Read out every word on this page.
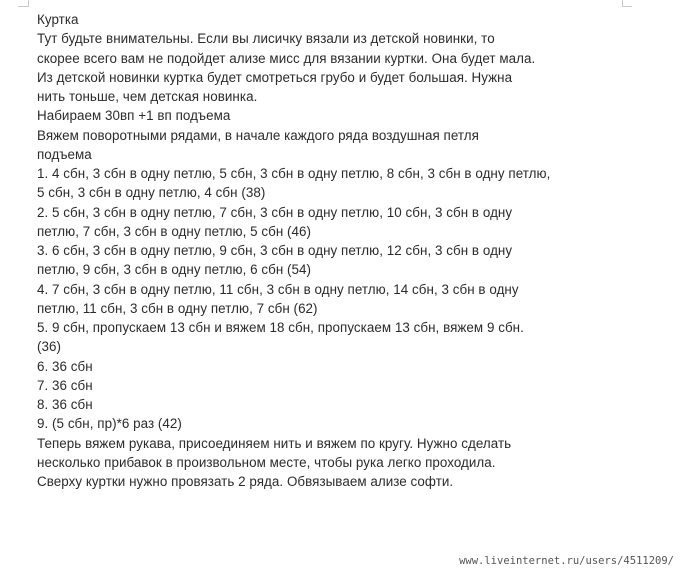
Куртка
Тут будьте внимательны. Если вы лисичку вязали из детской новинки, то
скорее всего вам не подойдет ализе мисс для вязании куртки. Она будет мала.
Из детской новинки куртка будет смотреться грубо и будет большая. Нужна
нить тоньше, чем детская новинка.
Набираем 30вп +1 вп подъема
Вяжем поворотными рядами, в начале каждого ряда воздушная петля
подъема
1. 4 сбн, 3 сбн в одну петлю, 5 сбн, 3 сбн в одну петлю, 8 сбн, 3 сбн в одну петлю,
5 сбн, 3 сбн в одну петлю, 4 сбн (38)
2. 5 сбн, 3 сбн в одну петлю, 7 сбн, 3 сбн в одну петлю, 10 сбн, 3 сбн в одну
петлю, 7 сбн, 3 сбн в одну петлю, 5 сбн (46)
3. 6 сбн, 3 сбн в одну петлю, 9 сбн, 3 сбн в одну петлю, 12 сбн, 3 сбн в одну
петлю, 9 сбн, 3 сбн в одну петлю, 6 сбн (54)
4. 7 сбн, 3 сбн в одну петлю, 11 сбн, 3 сбн в одну петлю, 14 сбн, 3 сбн в одну
петлю, 11 сбн, 3 сбн в одну петлю, 7 сбн (62)
5. 9 сбн, пропускаем 13 сбн и вяжем 18 сбн, пропускаем 13 сбн, вяжем 9 сбн.
(36)
6. 36 сбн
7. 36 сбн
8. 36 сбн
9. (5 сбн, пр)*6 раз (42)
Теперь вяжем рукава, присоединяем нить и вяжем по кругу. Нужно сделать
несколько прибавок в произвольном месте, чтобы рука легко проходила.
Сверху куртки нужно провязать 2 ряда. Обвязываем ализе софти.
www.liveinternet.ru/users/4511209/
